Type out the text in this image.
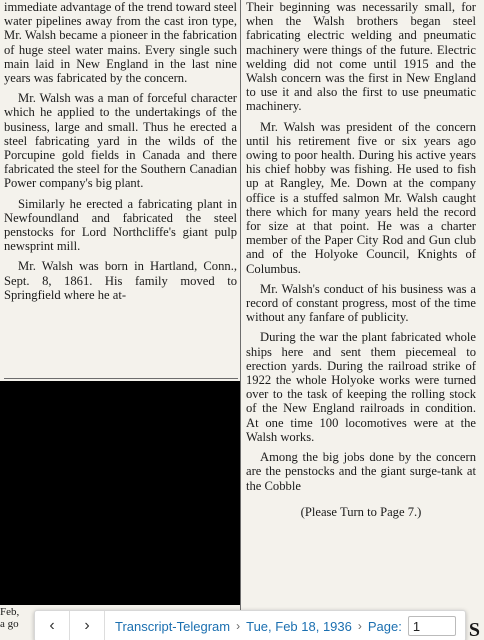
immediate advantage of the trend toward steel water pipelines away from the cast iron type, Mr. Walsh became a pioneer in the fabrication of huge steel water mains. Every single such main laid in New England in the last nine years was fabricated by the concern.

Mr. Walsh was a man of forceful character which he applied to the undertakings of the business, large and small. Thus he erected a steel fabricating yard in the wilds of the Porcupine gold fields in Canada and there fabricated the steel for the Southern Canadian Power company's big plant.

Similarly he erected a fabricating plant in Newfoundland and fabricated the steel penstocks for Lord Northcliffe's giant pulp newsprint mill.

Mr. Walsh was born in Hartland, Conn., Sept. 8, 1861. His family moved to Springfield where he at-

Their beginning was necessarily small, for when the Walsh brothers began steel fabricating electric welding and pneumatic machinery were things of the future. Electric welding did not come until 1915 and the Walsh concern was the first in New England to use it and also the first to use pneumatic machinery.

Mr. Walsh was president of the concern until his retirement five or six years ago owing to poor health. During his active years his chief hobby was fishing. He used to fish up at Rangley, Me. Down at the company office is a stuffed salmon Mr. Walsh caught there which for many years held the record for size at that point. He was a charter member of the Paper City Rod and Gun club and of the Holyoke Council, Knights of Columbus.

Mr. Walsh's conduct of his business was a record of constant progress, most of the time without any fanfare of publicity.

During the war the plant fabricated whole ships here and sent them piecemeal to erection yards. During the railroad strike of 1922 the whole Holyoke works were turned over to the task of keeping the rolling stock of the New England railroads in condition. At one time 100 locomotives were at the Walsh works.

Among the big jobs done by the concern are the penstocks and the giant surge-tank at the Cobble

(Please Turn to Page 7.)

Feb,
a go	S
‹ › Transcript-Telegram › Tue, Feb 18, 1936 › Page:
1
